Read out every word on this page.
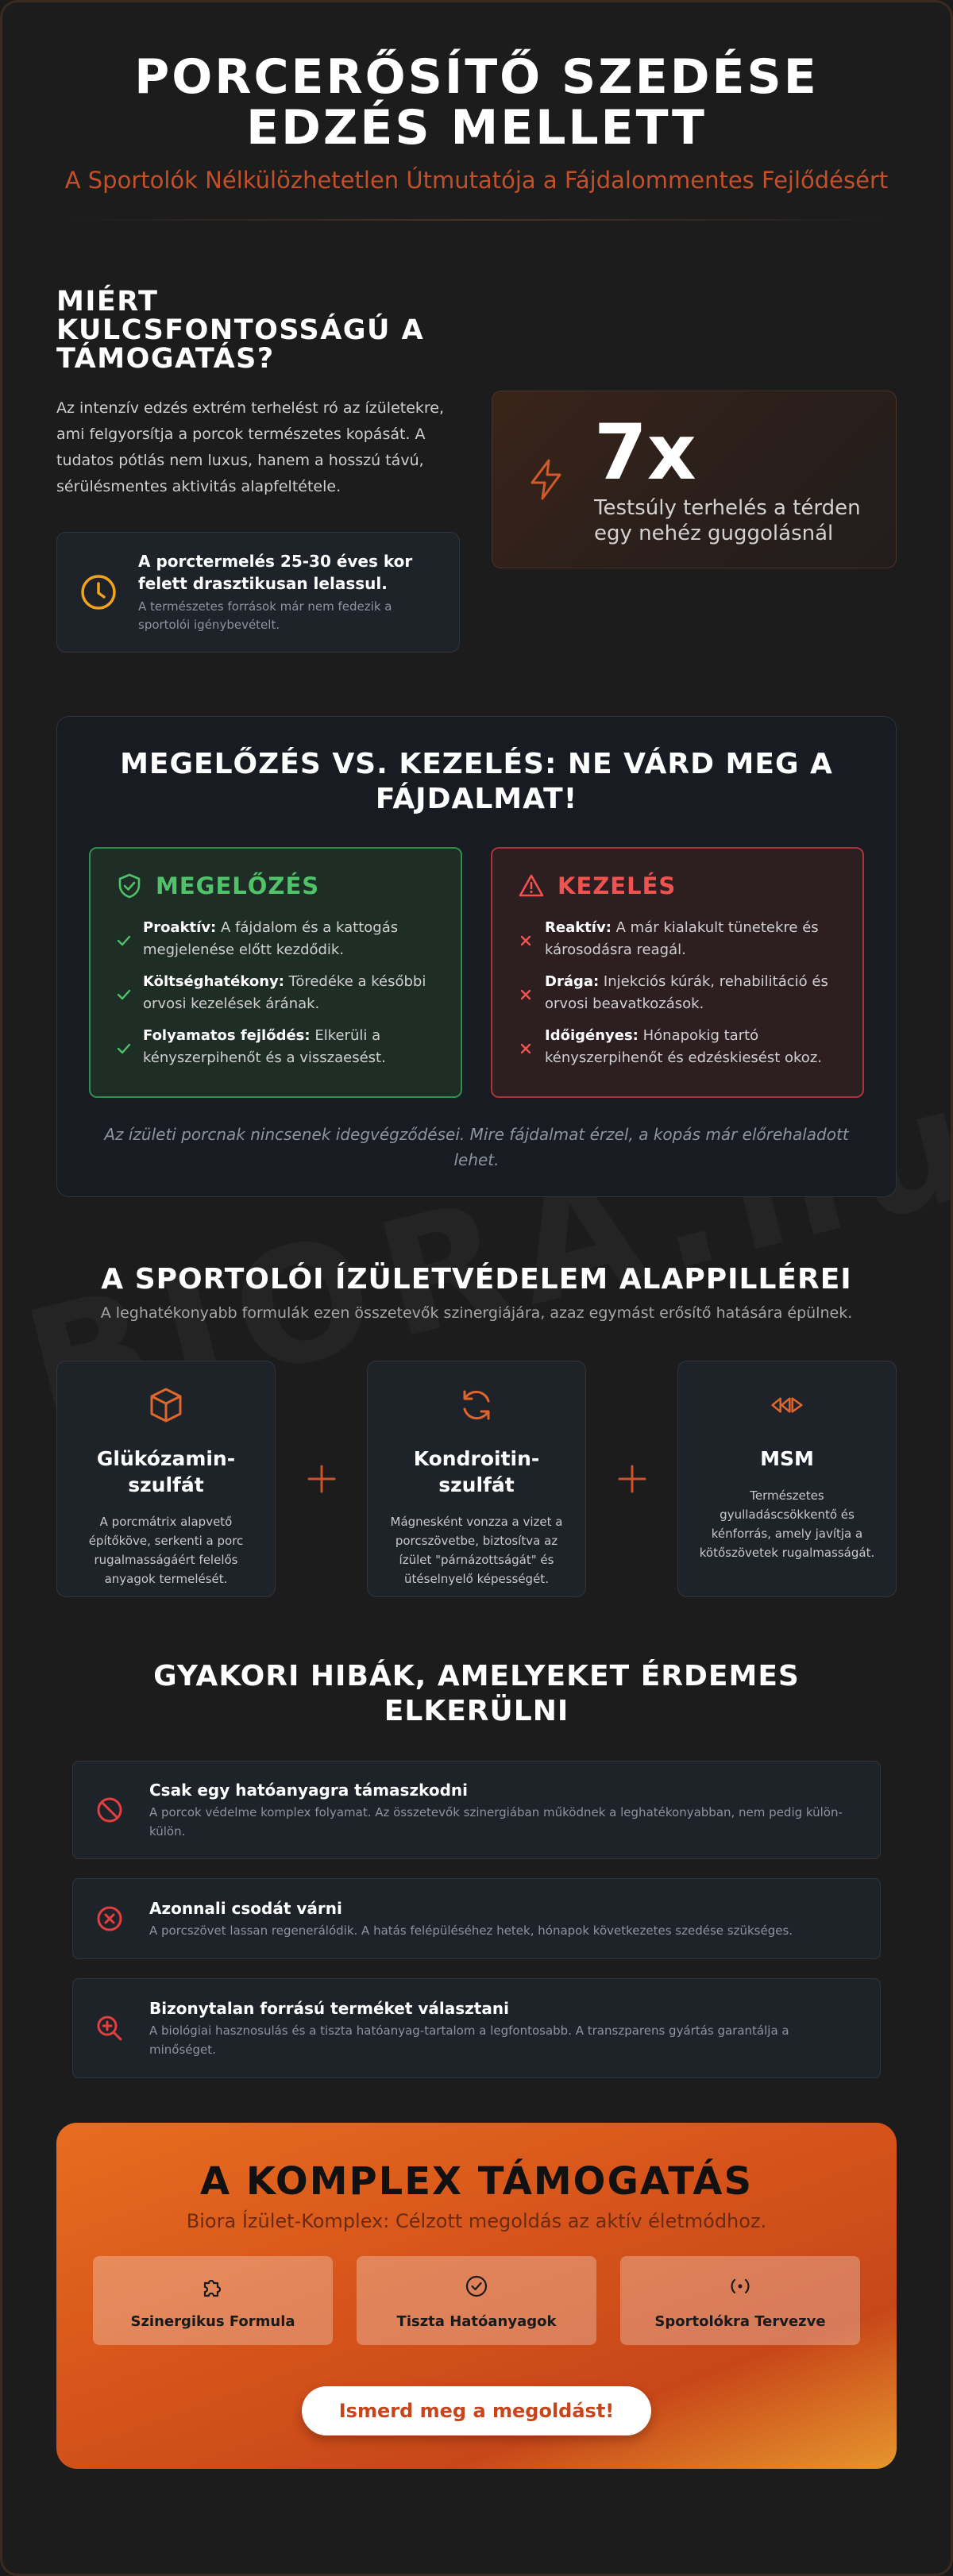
PORCERŐSÍTŐ SZEDÉSE EDZÉS MELLETT
A Sportolók Nélkülözhetetlen Útmutatója a Fájdalommentes Fejlődésért
MIÉRT KULCSFONTOSSÁGÚ A TÁMOGATÁS?

Az intenzív edzés extrém terhelést ró az ízületekre, ami felgyorsítja a porcok természetes kopását. A tudatos pótlás nem luxus, hanem a hosszú távú, sérülésmentes aktivitás alapfeltétele.

A porctermelés 25-30 éves kor felett drasztikusan lelassul.
A természetes források már nem fedezik a sportolói igénybevételt.
7x
Testsúly terhelés a térden egy nehéz guggolásnál
MEGELŐZÉS VS. KEZELÉS: NE VÁRD MEG A FÁJDALMAT!
MEGELŐZÉS
Proaktív: A fájdalom és a kattogás megjelenése előtt kezdődik.
Költséghatékony: Töredéke a későbbi orvosi kezelések árának.
Folyamatos fejlődés: Elkerüli a kényszerpihenőt és a visszaesést.
KEZELÉS
Reaktív: A már kialakult tünetekre és károsodásra reagál.
Drága: Injekciós kúrák, rehabilitáció és orvosi beavatkozások.
Időigényes: Hónapokig tartó kényszerpihenőt és edzéskiesést okoz.
Az ízületi porcnak nincsenek idegvégződései. Mire fájdalmat érzel, a kopás már előrehaladott lehet.
A SPORTOLÓI ÍZÜLETVÉDELEM ALAPPILLÉREI

A leghatékonyabb formulák ezen összetevők szinergiájára, azaz egymást erősítő hatására épülnek.

Glükózamin-szulfát
A porcmátrix alapvető építőköve, serkenti a porc rugalmasságáért felelős anyagok termelését.
Kondroitin-szulfát
Mágnesként vonzza a vizet a porcszövetbe, biztosítva az ízület "párnázottságát" és ütéselnyelő képességét.
MSM
Természetes gyulladáscsökkentő és kénforrás, amely javítja a kötőszövetek rugalmasságát.
GYAKORI HIBÁK, AMELYEKET ÉRDEMES ELKERÜLNI
Csak egy hatóanyagra támaszkodni
A porcok védelme komplex folyamat. Az összetevők szinergiában működnek a leghatékonyabban, nem pedig külön-külön.
Azonnali csodát várni
A porcszövet lassan regenerálódik. A hatás felépüléséhez hetek, hónapok következetes szedése szükséges.
Bizonytalan forrású terméket választani
A biológiai hasznosulás és a tiszta hatóanyag-tartalom a legfontosabb. A transzparens gyártás garantálja a minőséget.
A KOMPLEX TÁMOGATÁS
Biora Ízület-Komplex: Célzott megoldás az aktív életmódhoz.
Szinergikus Formula	Tiszta Hatóanyagok	Sportolókra Tervezve
Ismerd meg a megoldást!
